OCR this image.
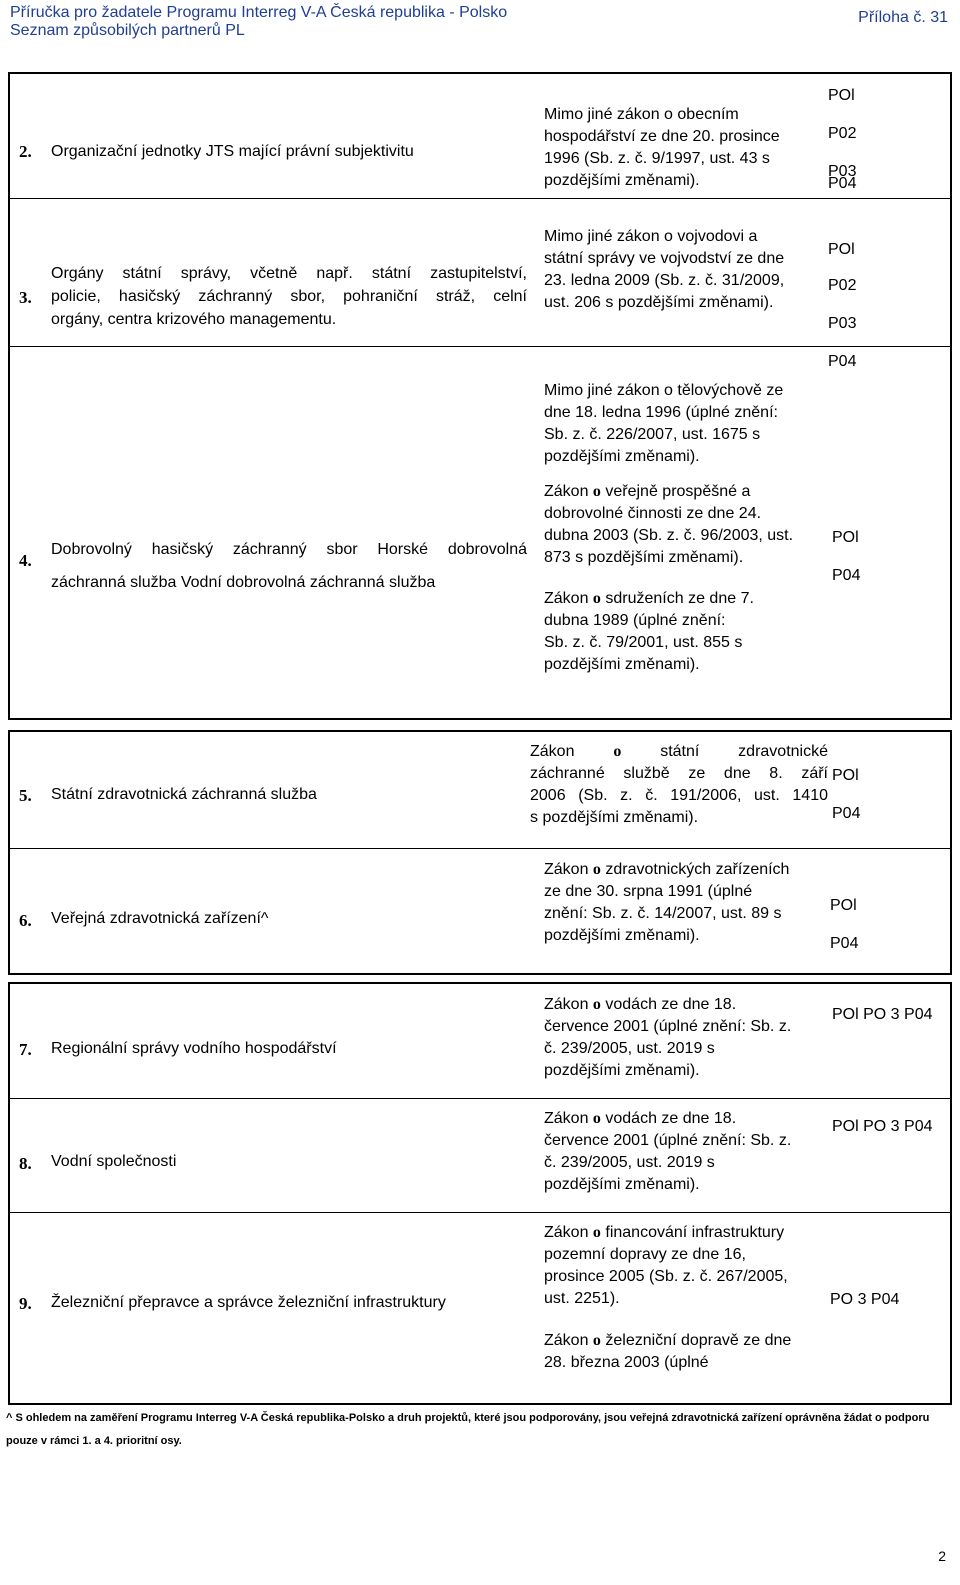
Příručka pro žadatele Programu Interreg V-A Česká republika - Polsko
Seznam způsobilých partnerů PL
Příloha č. 31
2. Organizační jednotky JTS mající právní subjektivitu
Mimo jiné zákon o obecním
hospodářství ze dne 20. prosince
1996 (Sb. z. č. 9/1997, ust. 43 s
pozdějšími změnami).
POl
P02
P03
P04
3.
Orgány státní správy, včetně např. státní zastupitelství,
policie, hasičský záchranný sbor, pohraniční stráž, celní
orgány, centra krizového managementu.
Mimo jiné zákon o vojvodovi a
státní správy ve vojvodství ze dne
23. ledna 2009 (Sb. z. č. 31/2009,
ust. 206 s pozdějšími změnami).
POl
P02
P03
P04
4.
Dobrovolný hasičský záchranný sbor Horské dobrovolná
záchranná služba Vodní dobrovolná záchranná služba
Mimo jiné zákon o tělovýchově ze
dne 18. ledna 1996 (úplné znění:
Sb. z. č. 226/2007, ust. 1675 s
pozdějšími změnami).
Zákon o veřejně prospěšné a
dobrovolné činnosti ze dne 24.
dubna 2003 (Sb. z. č. 96/2003, ust.
873 s pozdějšími změnami).
Zákon o sdruženích ze dne 7.
dubna 1989 (úplné znění:
Sb. z. č. 79/2001, ust. 855 s
pozdějšími změnami).
POl
P04
5. Státní zdravotnická záchranná služba
Zákon o státní zdravotnické
záchranné službě ze dne 8. září
2006 (Sb. z. č. 191/2006, ust. 1410
s pozdějšími změnami).
POl
P04
6. Veřejná zdravotnická zařízení^
Zákon o zdravotnických zařízeních
ze dne 30. srpna 1991 (úplné
znění: Sb. z. č. 14/2007, ust. 89 s
pozdějšími změnami).
POl
P04
7. Regionální správy vodního hospodářství
Zákon o vodách ze dne 18.
července 2001 (úplné znění: Sb. z.
č. 239/2005, ust. 2019 s
pozdějšími změnami).
POl PO 3 P04
8. Vodní společnosti
Zákon o vodách ze dne 18.
července 2001 (úplné znění: Sb. z.
č. 239/2005, ust. 2019 s
pozdějšími změnami).
POl PO 3 P04
9. Železniční přepravce a správce železniční infrastruktury
Zákon o financování infrastruktury
pozemní dopravy ze dne 16,
prosince 2005 (Sb. z. č. 267/2005,
ust. 2251).
Zákon o železniční dopravě ze dne
28. března 2003 (úplné
PO 3 P04
^ S ohledem na zaměření Programu Interreg V-A Česká republika-Polsko a druh projektů, které jsou podporovány, jsou veřejná zdravotnická zařízení oprávněna žádat o podporu pouze v rámci 1. a 4. prioritní osy.
2
